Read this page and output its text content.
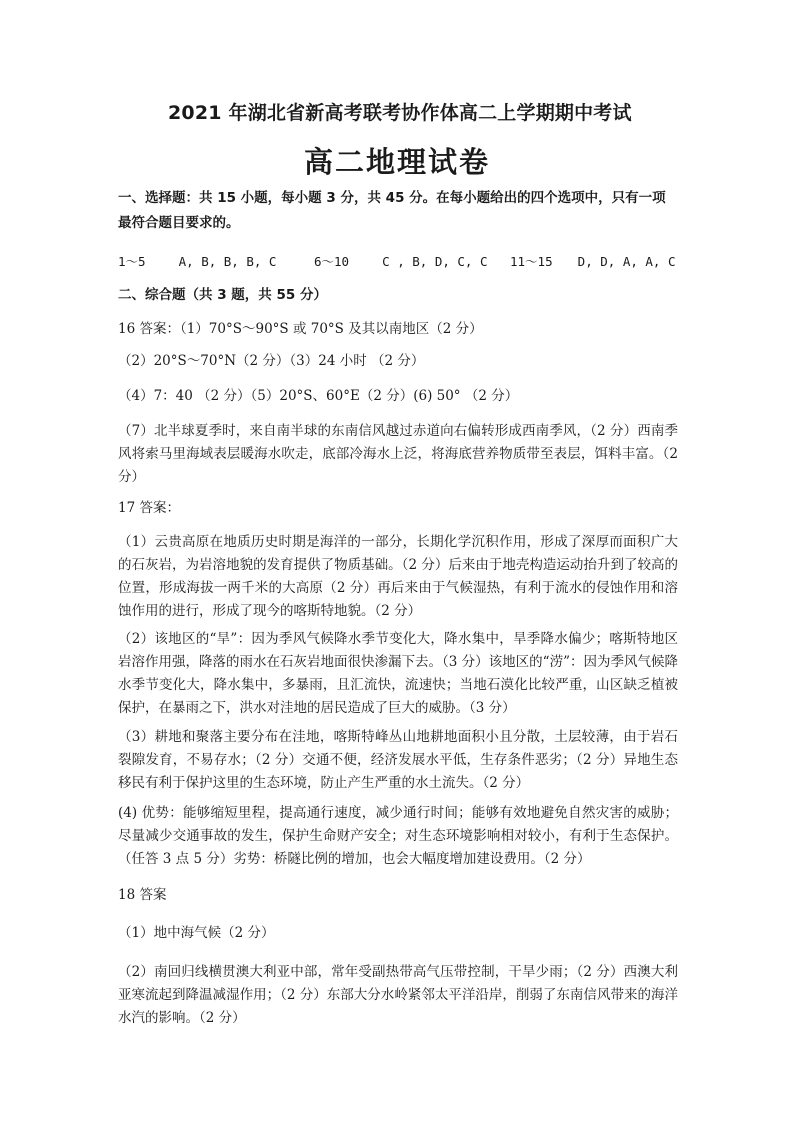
2021 年湖北省新高考联考协作体高二上学期期中考试
高二地理试卷
一、选择题：共 15 小题，每小题 3 分，共 45 分。在每小题给出的四个选项中，只有一项
最符合题目要求的。
1～5	A, B, B, B, C	6～10	C , B, D, C, C 11～15 D, D, A, A, C
二、综合题（共 3 题，共 55 分）
16 答案：（1）70°S～90°S 或 70°S 及其以南地区（2 分）
（2）20°S～70°N（2 分）（3）24 小时 （2 分）
（4）7：40 （2 分）（5）20°S、60°E（2 分）(6) 50° （2 分）

（7）北半球夏季时，来自南半球的东南信风越过赤道向右偏转形成西南季风，（2 分）西南季风将索马里海域表层暖海水吹走，底部冷海水上泛，将海底营养物质带至表层，饵料丰富。（2 分）

17 答案：

（1）云贵高原在地质历史时期是海洋的一部分，长期化学沉积作用，形成了深厚而面积广大的石灰岩，为岩溶地貌的发育提供了物质基础。（2 分）后来由于地壳构造运动抬升到了较高的位置，形成海拔一两千米的大高原（2 分）再后来由于气候湿热，有利于流水的侵蚀作用和溶蚀作用的进行，形成了现今的喀斯特地貌。（2 分）

（2）该地区的“旱”：因为季风气候降水季节变化大，降水集中，旱季降水偏少；喀斯特地区岩溶作用强，降落的雨水在石灰岩地面很快渗漏下去。（3 分）该地区的“涝”：因为季风气候降水季节变化大，降水集中，多暴雨，且汇流快，流速快；当地石漠化比较严重，山区缺乏植被保护，在暴雨之下，洪水对洼地的居民造成了巨大的威胁。（3 分）

（3）耕地和聚落主要分布在洼地，喀斯特峰丛山地耕地面积小且分散，土层较薄，由于岩石裂隙发育，不易存水；（2 分）交通不便，经济发展水平低，生存条件恶劣；（2 分）异地生态移民有利于保护这里的生态环境，防止产生严重的水土流失。（2 分）

(4) 优势：能够缩短里程，提高通行速度，减少通行时间；能够有效地避免自然灾害的威胁；尽量减少交通事故的发生，保护生命财产安全；对生态环境影响相对较小，有利于生态保护。（任答 3 点 5 分）劣势：桥隧比例的增加，也会大幅度增加建设费用。（2 分）

18 答案

（1）地中海气候（2 分）

（2）南回归线横贯澳大利亚中部，常年受副热带高气压带控制，干旱少雨；（2 分）西澳大利亚寒流起到降温减湿作用；（2 分）东部大分水岭紧邻太平洋沿岸，削弱了东南信风带来的海洋水汽的影响。（2 分）
